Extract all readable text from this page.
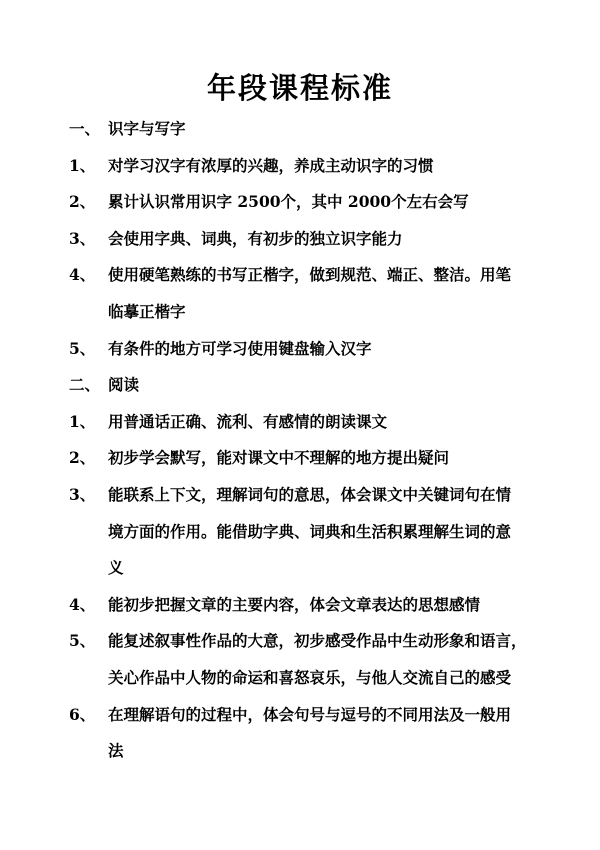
年段课程标准
一、 识字与写字
1、 对学习汉字有浓厚的兴趣，养成主动识字的习惯
2、 累计认识常用识字 2500个，其中 2000个左右会写
3、 会使用字典、词典，有初步的独立识字能力
4、 使用硬笔熟练的书写正楷字，做到规范、端正、整洁。用笔
临摹正楷字
5、 有条件的地方可学习使用键盘输入汉字
二、 阅读
1、 用普通话正确、流利、有感情的朗读课文
2、 初步学会默写，能对课文中不理解的地方提出疑问
3、 能联系上下文，理解词句的意思，体会课文中关键词句在情
境方面的作用。能借助字典、词典和生活积累理解生词的意
义
4、 能初步把握文章的主要内容，体会文章表达的思想感情
5、 能复述叙事性作品的大意，初步感受作品中生动形象和语言，
关心作品中人物的命运和喜怒哀乐，与他人交流自己的感受
6、 在理解语句的过程中，体会句号与逗号的不同用法及一般用
法
